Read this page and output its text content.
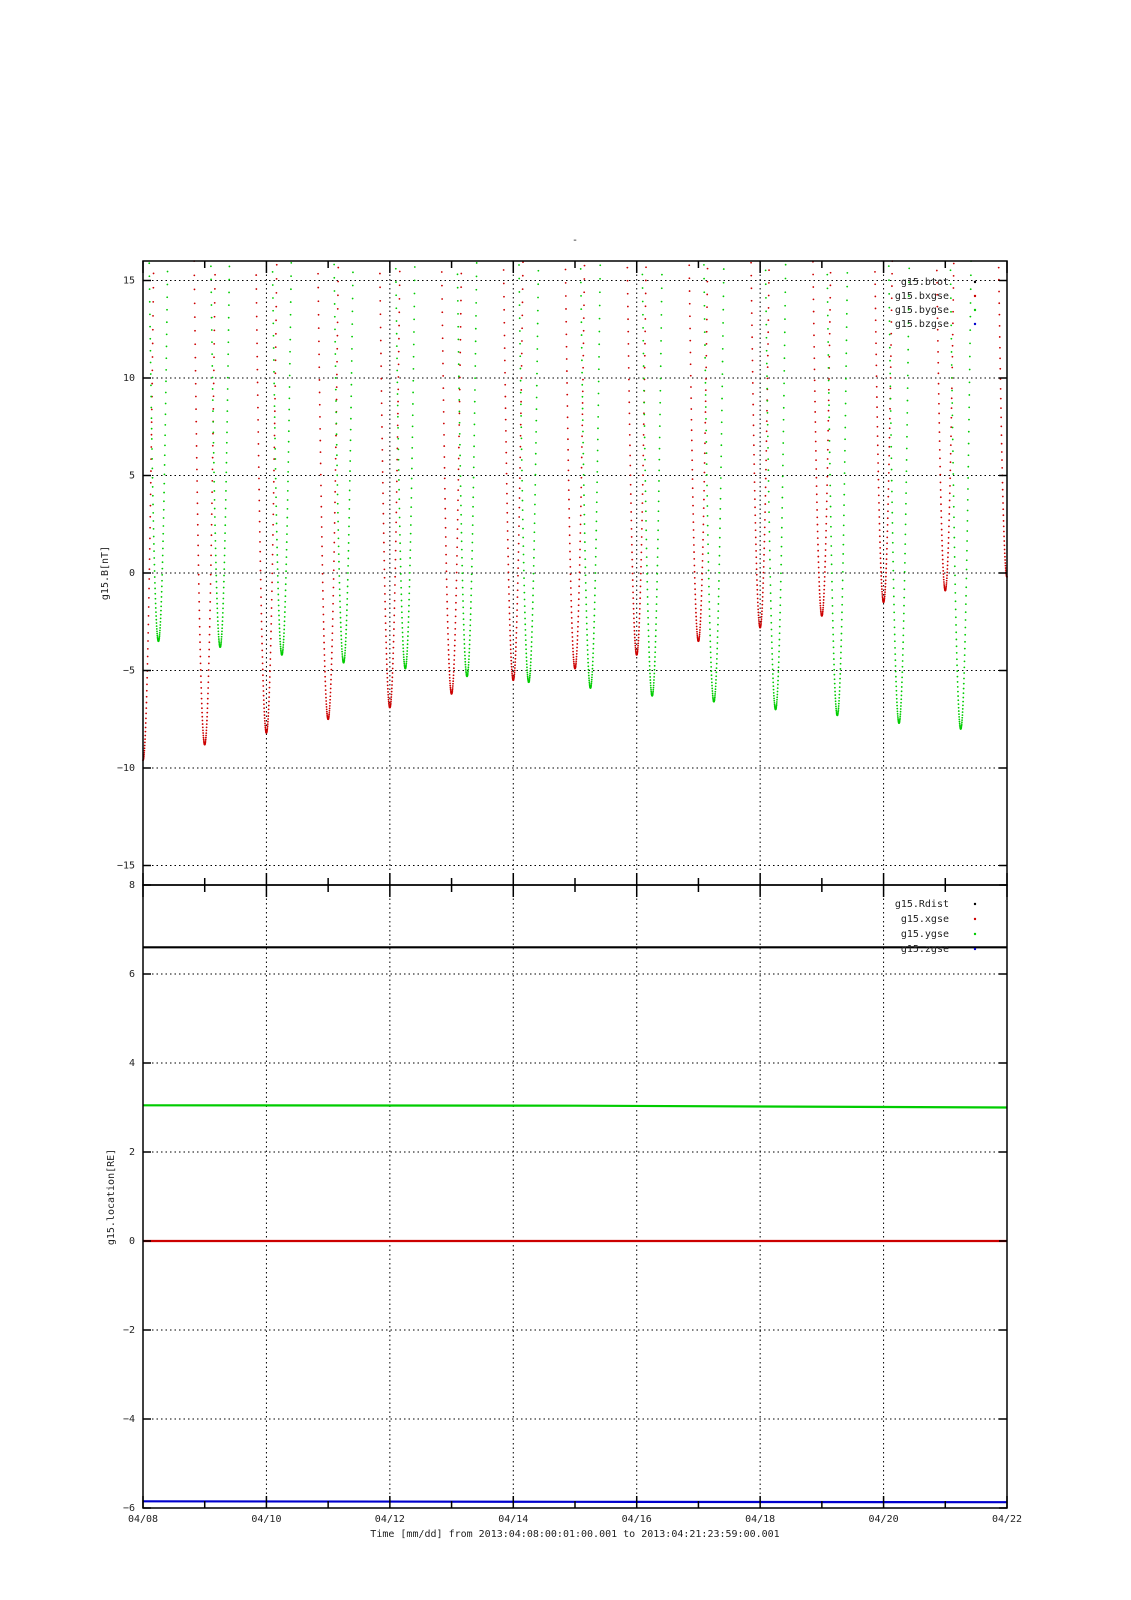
-
−15
−10
−5
0
5
10
15
g15.B[nT]
g15.btot
g15.bxgse
g15.bygse
g15.bzgse
−6
−4
−2
0
2
4
6
8
04/08	04/10	04/12	04/14	04/16	04/18	04/20	04/22
g15.location[RE]
g15.Rdist
g15.xgse
g15.ygse
g15.zgse
Time [mm/dd] from 2013:04:08:00:01:00.001 to 2013:04:21:23:59:00.001
